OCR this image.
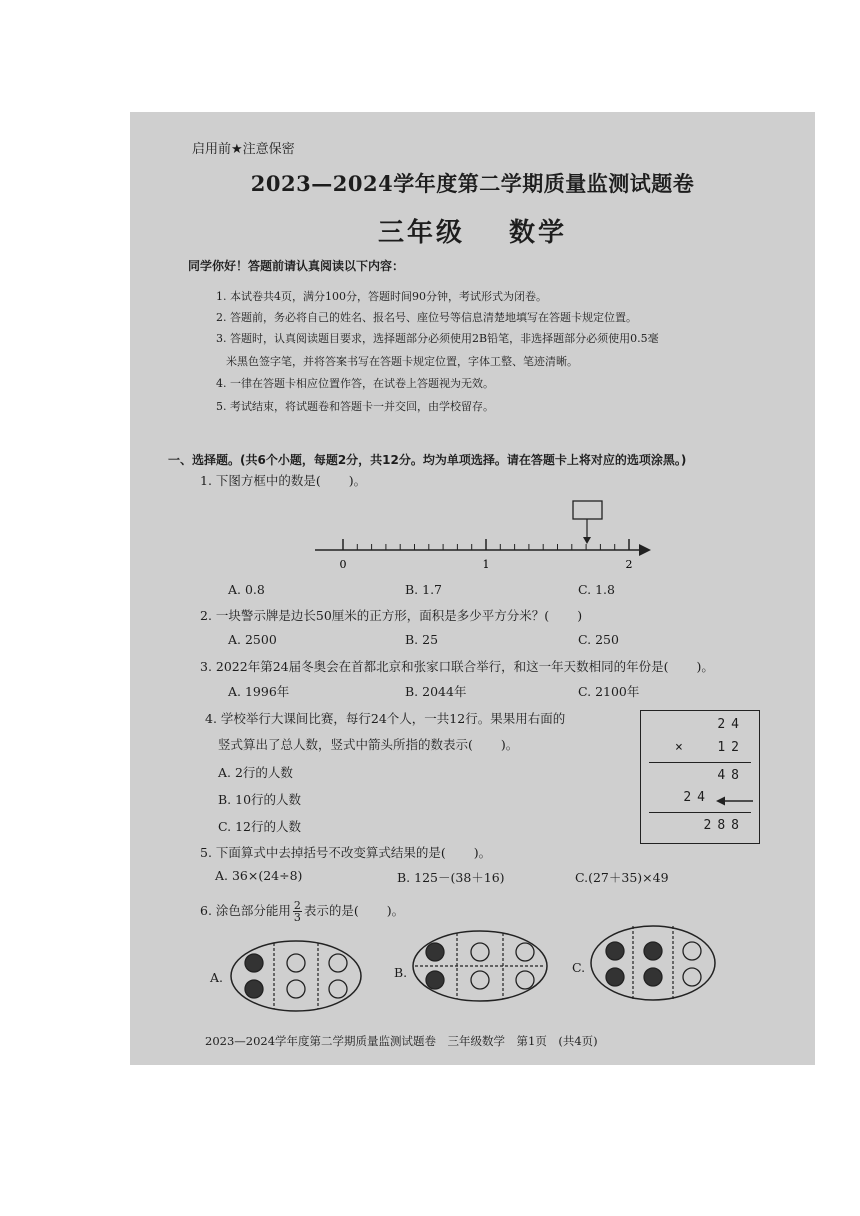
启用前★注意保密
2023—2024学年度第二学期质量监测试题卷
三年级 数学
同学你好！答题前请认真阅读以下内容：
1. 本试卷共4页，满分100分，答题时间90分钟，考试形式为闭卷。
2. 答题前，务必将自己的姓名、报名号、座位号等信息清楚地填写在答题卡规定位置。
3. 答题时，认真阅读题目要求，选择题部分必须使用2B铅笔，非选择题部分必须使用0.5毫
米黑色签字笔，并将答案书写在答题卡规定位置，字体工整、笔迹清晰。
4. 一律在答题卡相应位置作答，在试卷上答题视为无效。
5. 考试结束，将试题卷和答题卡一并交回，由学校留存。
一、选择题。(共6个小题，每题2分，共12分。均为单项选择。请在答题卡上将对应的选项涂黑。)
1. 下图方框中的数是( )。
0	1	2
A. 0.8	B. 1.7	C. 1.8
2. 一块警示牌是边长50厘米的正方形，面积是多少平方分米？( )
A. 2500	B. 25	C. 250
3. 2022年第24届冬奥会在首都北京和张家口联合举行，和这一年天数相同的年份是( )。
A. 1996年	B. 2044年	C. 2100年
4. 学校举行大课间比赛，每行24个人，一共12行。果果用右面的
竖式算出了总人数，竖式中箭头所指的数表示( )。
A. 2行的人数
B. 10行的人数
C. 12行的人数
24
× 12
48
24
288
5. 下面算式中去掉括号不改变算式结果的是( )。
A. 36×(24÷8)	B. 125－(38＋16)	C.(27＋35)×49
6. 涂色部分能用 $\frac{2}{3}$ 表示的是( )。
A.	B.	C.
2023—2024学年度第二学期质量监测试题卷　三年级数学　第1页　(共4页)
